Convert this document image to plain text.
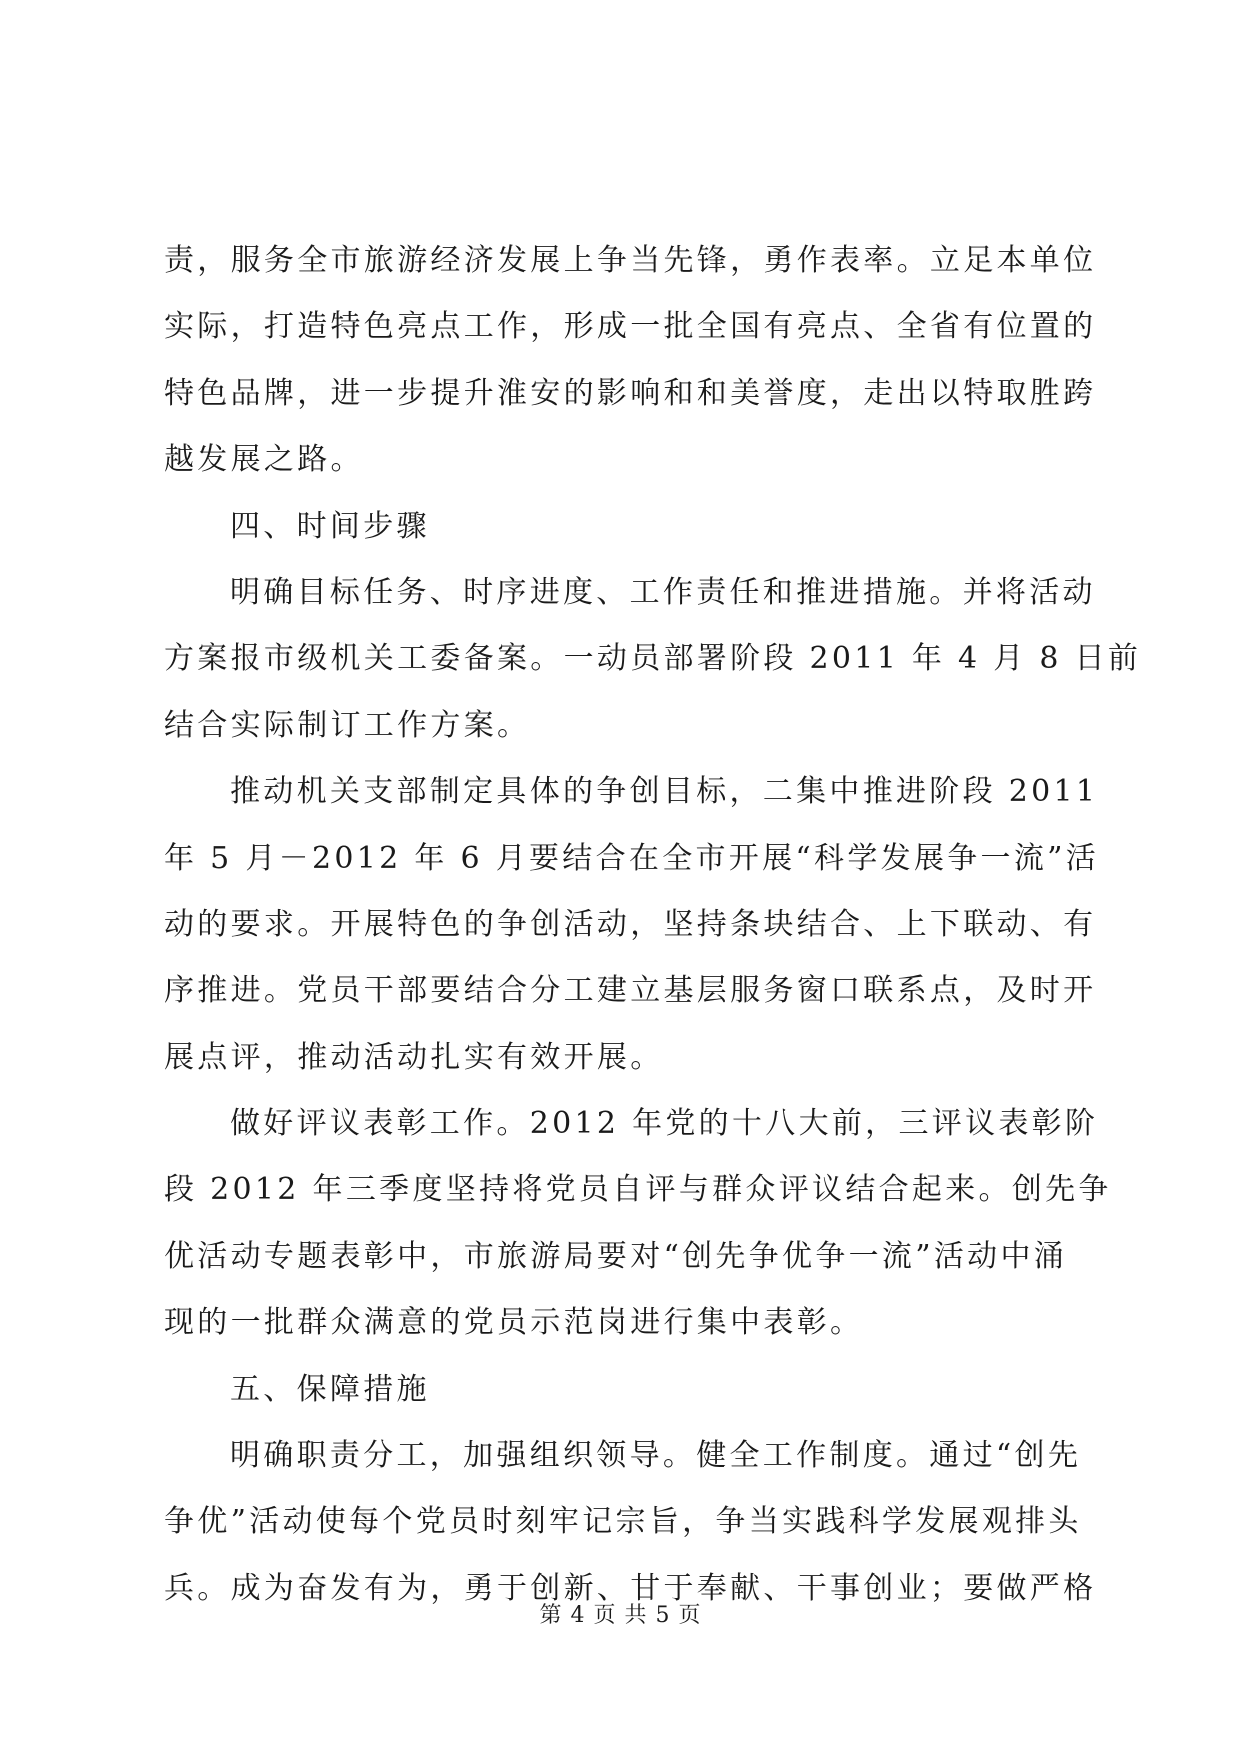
责，服务全市旅游经济发展上争当先锋，勇作表率。立足本单位
实际，打造特色亮点工作，形成一批全国有亮点、全省有位置的
特色品牌，进一步提升淮安的影响和和美誉度，走出以特取胜跨
越发展之路。
四、时间步骤
明确目标任务、时序进度、工作责任和推进措施。并将活动
方案报市级机关工委备案。一动员部署阶段 2011 年 4 月 8 日前
结合实际制订工作方案。
推动机关支部制定具体的争创目标，二集中推进阶段 2011
年 5 月－2012 年 6 月要结合在全市开展“科学发展争一流”活
动的要求。开展特色的争创活动，坚持条块结合、上下联动、有
序推进。党员干部要结合分工建立基层服务窗口联系点，及时开
展点评，推动活动扎实有效开展。
做好评议表彰工作。2012 年党的十八大前，三评议表彰阶
段 2012 年三季度坚持将党员自评与群众评议结合起来。创先争
优活动专题表彰中，市旅游局要对“创先争优争一流”活动中涌
现的一批群众满意的党员示范岗进行集中表彰。
五、保障措施
明确职责分工，加强组织领导。健全工作制度。通过“创先
争优”活动使每个党员时刻牢记宗旨，争当实践科学发展观排头
兵。成为奋发有为，勇于创新、甘于奉献、干事创业；要做严格
第 4 页 共 5 页
